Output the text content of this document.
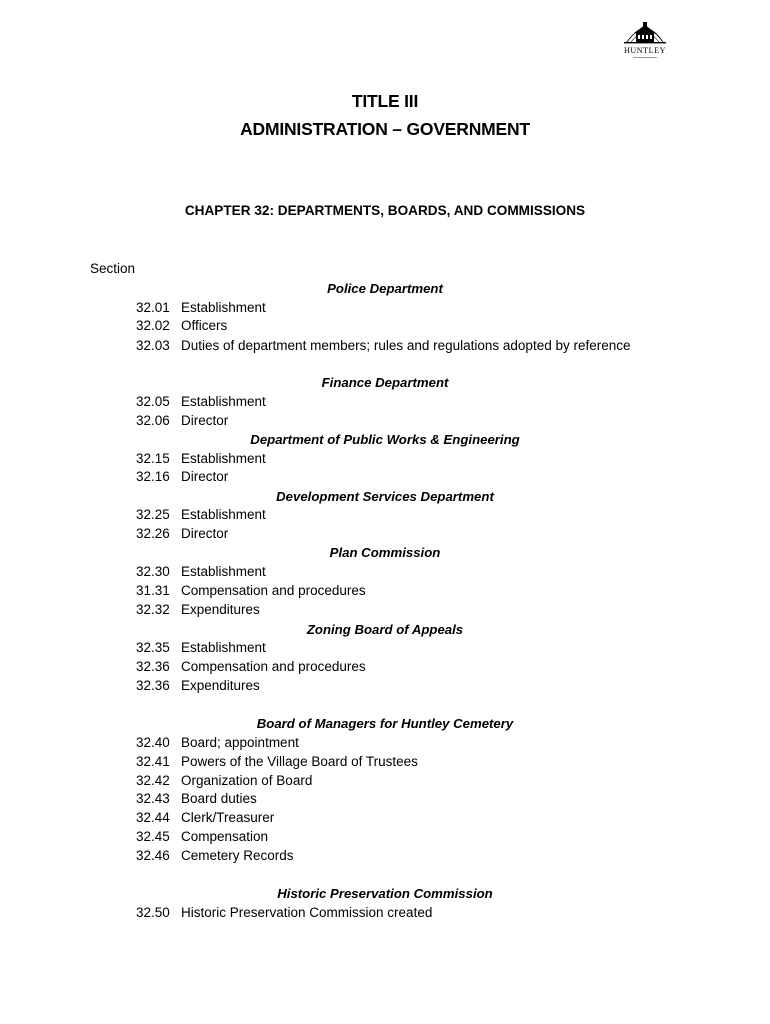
HUNTLEY
TITLE III
ADMINISTRATION – GOVERNMENT
CHAPTER 32: DEPARTMENTS, BOARDS, AND COMMISSIONS
Section
Police Department
32.01 Establishment
32.02 Officers
32.03 Duties of department members; rules and regulations adopted by reference
Finance Department
32.05 Establishment
32.06 Director
Department of Public Works & Engineering
32.15 Establishment
32.16 Director
Development Services Department
32.25 Establishment
32.26 Director
Plan Commission
32.30 Establishment
31.31 Compensation and procedures
32.32 Expenditures
Zoning Board of Appeals
32.35 Establishment
32.36 Compensation and procedures
32.36 Expenditures
Board of Managers for Huntley Cemetery
32.40 Board; appointment
32.41 Powers of the Village Board of Trustees
32.42 Organization of Board
32.43 Board duties
32.44 Clerk/Treasurer
32.45 Compensation
32.46 Cemetery Records
Historic Preservation Commission
32.50 Historic Preservation Commission created
